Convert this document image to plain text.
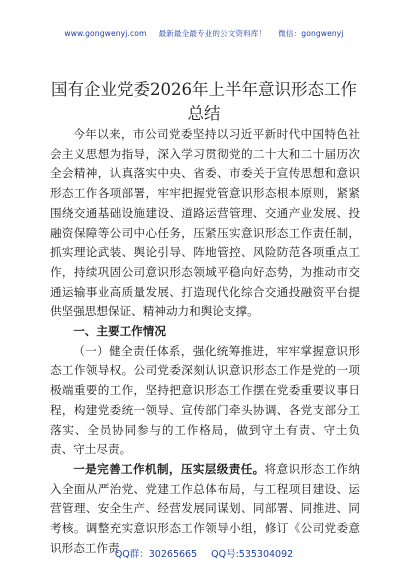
www.gongwenyj.com 最新最全最专业的公文资料库！ 微信：gongwenyj
国有企业党委2026年上半年意识形态工作总结

今年以来，市公司党委坚持以习近平新时代中国特色社会主义思想为指导，深入学习贯彻党的二十大和二十届历次全会精神，认真落实中央、省委、市委关于宣传思想和意识形态工作各项部署，牢牢把握党管意识形态根本原则，紧紧围绕交通基础设施建设、道路运营管理、交通产业发展、投融资保障等公司中心任务，压紧压实意识形态工作责任制，抓实理论武装、舆论引导、阵地管控、风险防范各项重点工作，持续巩固公司意识形态领域平稳向好态势，为推动市交通运输事业高质量发展、打造现代化综合交通投融资平台提供坚强思想保证、精神动力和舆论支撑。

一、主要工作情况

（一）健全责任体系，强化统筹推进，牢牢掌握意识形态工作领导权。公司党委深刻认识意识形态工作是党的一项极端重要的工作，坚持把意识形态工作摆在党委重要议事日程，构建党委统一领导、宣传部门牵头协调、各党支部分工落实、全员协同参与的工作格局，做到守土有责、守土负责、守土尽责。

一是完善工作机制，压实层级责任。将意识形态工作纳入全面从严治党、党建工作总体布局，与工程项目建设、运营管理、安全生产、经营发展同谋划、同部署、同推进、同考核。调整充实意识形态工作领导小组，修订《公司党委意识形态工作责

QQ群：30265665 QQ号:535304092
